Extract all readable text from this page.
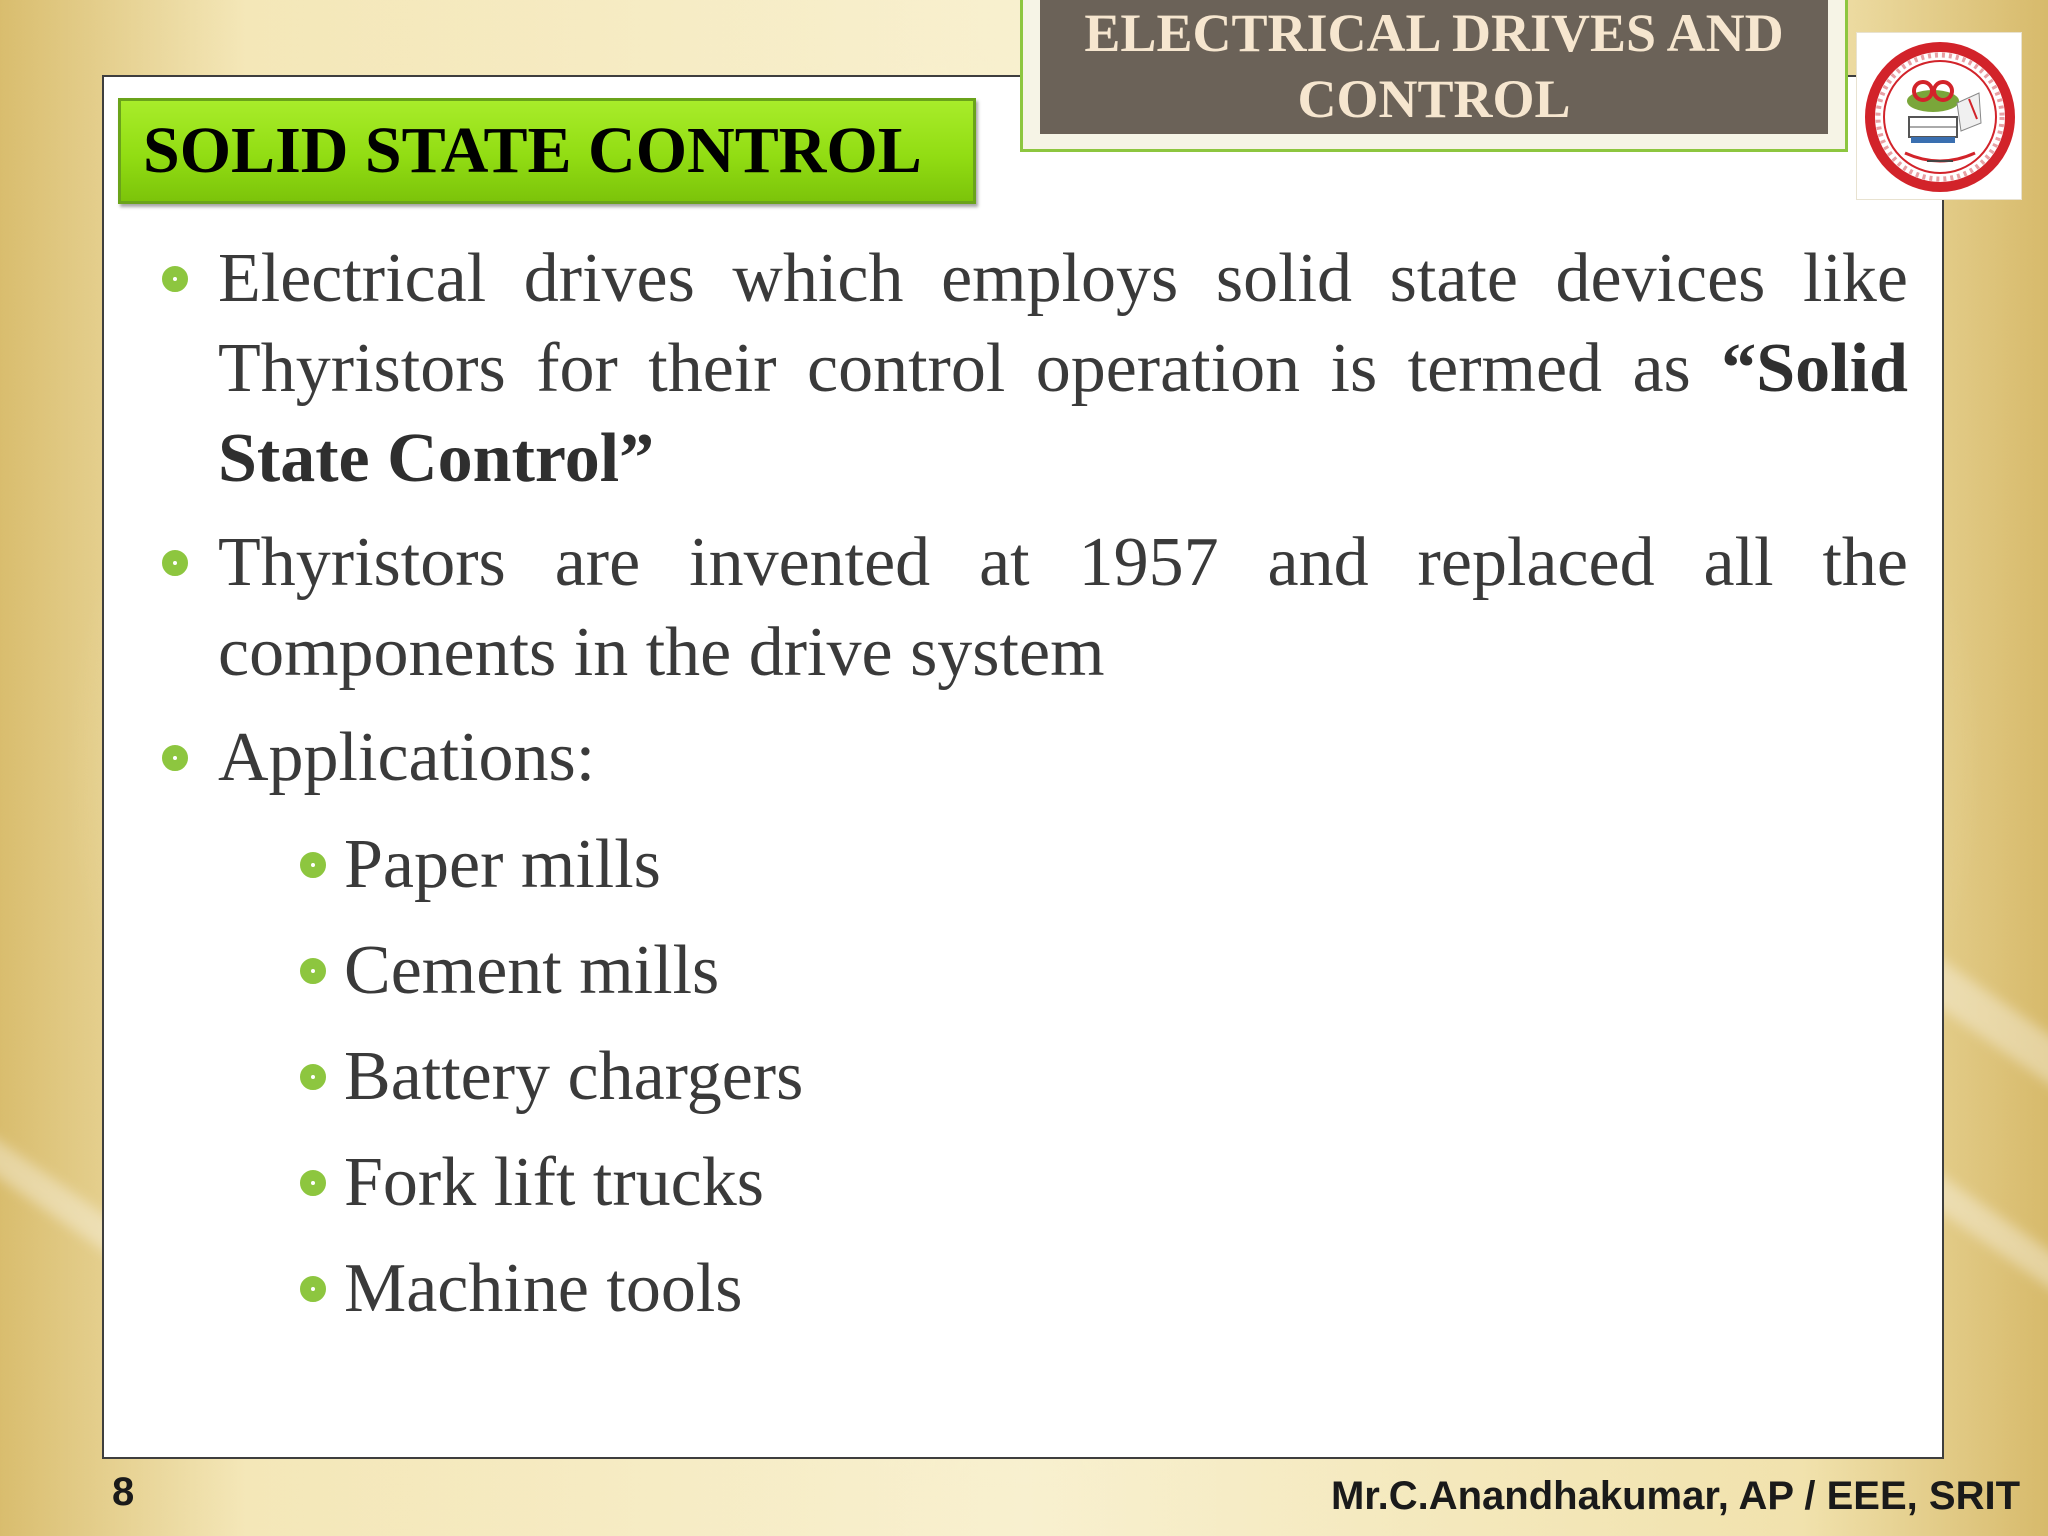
ELECTRICAL DRIVES AND
CONTROL
SOLID STATE CONTROL
Electrical drives which employs solid state devices like Thyristors for their control operation is termed as “Solid State Control”
Thyristors are invented at 1957 and replaced all the components in the drive system
Applications:
Paper mills
Cement mills
Battery chargers
Fork lift trucks
Machine tools
8	Mr.C.Anandhakumar, AP / EEE, SRIT
